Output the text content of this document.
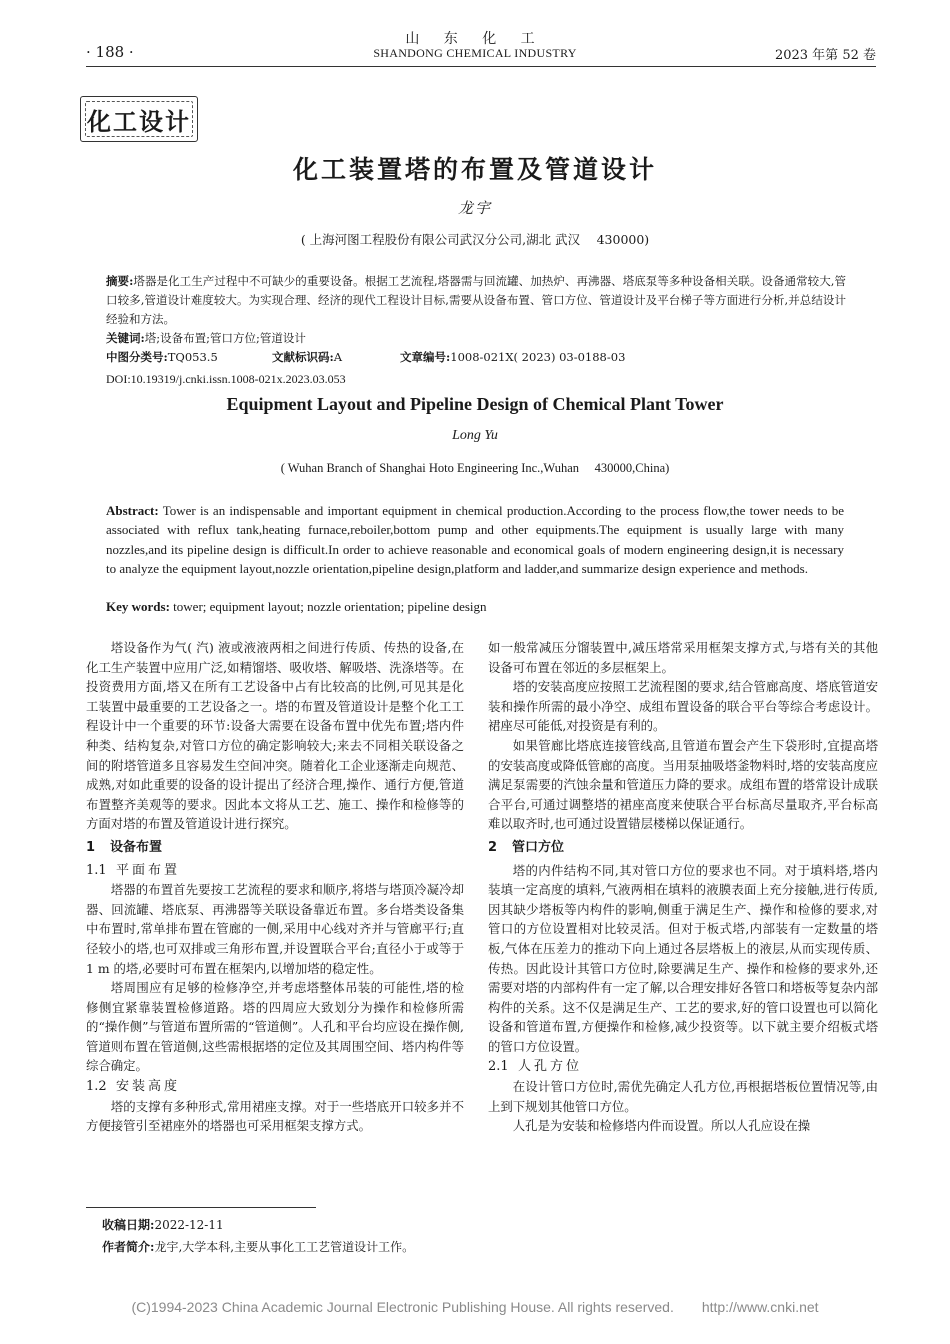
· 188 ·
山 东 化 工
SHANDONG CHEMICAL INDUSTRY	2023 年第 52 卷
化工设计
化工装置塔的布置及管道设计
龙宇
( 上海河图工程股份有限公司武汉分公司,湖北 武汉 　430000)
摘要:塔器是化工生产过程中不可缺少的重要设备。根据工艺流程,塔器需与回流罐、加热炉、再沸器、塔底泵等多种设备相关联。设备通常较大,管口较多,管道设计难度较大。为实现合理、经济的现代工程设计目标,需要从设备布置、管口方位、管道设计及平台梯子等方面进行分析,并总结设计经验和方法。
关键词:塔;设备布置;管口方位;管道设计
中图分类号:TQ053.5	文献标识码:A	文章编号:1008-021X( 2023) 03-0188-03
DOI:10.19319/j.cnki.issn.1008-021x.2023.03.053
Equipment Layout and Pipeline Design of Chemical Plant Tower
Long Yu
( Wuhan Branch of Shanghai Hoto Engineering Inc.,Wuhan 　430000,China)
Abstract: Tower is an indispensable and important equipment in chemical production.According to the process flow,the tower needs to be associated with reflux tank,heating furnace,reboiler,bottom pump and other equipments.The equipment is usually large with many nozzles,and its pipeline design is difficult.In order to achieve reasonable and economical goals of modern engineering design,it is necessary to analyze the equipment layout,nozzle orientation,pipeline design,platform and ladder,and summarize design experience and methods.
Key words: tower; equipment layout; nozzle orientation; pipeline design

塔设备作为气( 汽) 液或液液两相之间进行传质、传热的设备,在化工生产装置中应用广泛,如精馏塔、吸收塔、解吸塔、洗涤塔等。在投资费用方面,塔又在所有工艺设备中占有比较高的比例,可见其是化工装置中最重要的工艺设备之一。塔的布置及管道设计是整个化工工程设计中一个重要的环节:设备大需要在设备布置中优先布置;塔内件种类、结构复杂,对管口方位的确定影响较大;来去不同相关联设备之间的附塔管道多且容易发生空间冲突。随着化工企业逐渐走向规范、成熟,对如此重要的设备的设计提出了经济合理,操作、通行方便,管道布置整齐美观等的要求。因此本文将从工艺、施工、操作和检修等的方面对塔的布置及管道设计进行探究。

1 设备布置

1.1 平面布置

塔器的布置首先要按工艺流程的要求和顺序,将塔与塔顶冷凝冷却器、回流罐、塔底泵、再沸器等关联设备靠近布置。多台塔类设备集中布置时,常单排布置在管廊的一侧,采用中心线对齐并与管廊平行;直径较小的塔,也可双排或三角形布置,并设置联合平台;直径小于或等于 1 m 的塔,必要时可布置在框架内,以增加塔的稳定性。

塔周围应有足够的检修净空,并考虑塔整体吊装的可能性,塔的检修侧宜紧靠装置检修道路。塔的四周应大致划分为操作和检修所需的“操作侧”与管道布置所需的“管道侧”。人孔和平台均应设在操作侧,管道则布置在管道侧,这些需根据塔的定位及其周围空间、塔内构件等综合确定。

1.2 安装高度

塔的支撑有多种形式,常用裙座支撑。对于一些塔底开口较多并不方便接管引至裙座外的塔器也可采用框架支撑方式。

如一般常减压分馏装置中,减压塔常采用框架支撑方式,与塔有关的其他设备可布置在邻近的多层框架上。

塔的安装高度应按照工艺流程图的要求,结合管廊高度、塔底管道安装和操作所需的最小净空、成组布置设备的联合平台等综合考虑设计。裙座尽可能低,对投资是有利的。

如果管廊比塔底连接管线高,且管道布置会产生下袋形时,宜提高塔的安装高度或降低管廊的高度。当用泵抽吸塔釜物料时,塔的安装高度应满足泵需要的汽蚀余量和管道压力降的要求。成组布置的塔常设计成联合平台,可通过调整塔的裙座高度来使联合平台标高尽量取齐,平台标高难以取齐时,也可通过设置错层楼梯以保证通行。

2 管口方位

塔的内件结构不同,其对管口方位的要求也不同。对于填料塔,塔内装填一定高度的填料,气液两相在填料的液膜表面上充分接触,进行传质,因其缺少塔板等内构件的影响,侧重于满足生产、操作和检修的要求,对管口的方位设置相对比较灵活。但对于板式塔,内部装有一定数量的塔板,气体在压差力的推动下向上通过各层塔板上的液层,从而实现传质、传热。因此设计其管口方位时,除要满足生产、操作和检修的要求外,还需要对塔的内部构件有一定了解,以合理安排好各管口和塔板等复杂内部构件的关系。这不仅是满足生产、工艺的要求,好的管口设置也可以简化设备和管道布置,方便操作和检修,减少投资等。以下就主要介绍板式塔的管口方位设置。

2.1 人孔方位

在设计管口方位时,需优先确定人孔方位,再根据塔板位置情况等,由上到下规划其他管口方位。

人孔是为安装和检修塔内件而设置。所以人孔应设在操

收稿日期:2022-12-11
作者简介:龙宇,大学本科,主要从事化工工艺管道设计工作。
(C)1994-2023 China Academic Journal Electronic Publishing House. All rights reserved.　　http://www.cnki.net
